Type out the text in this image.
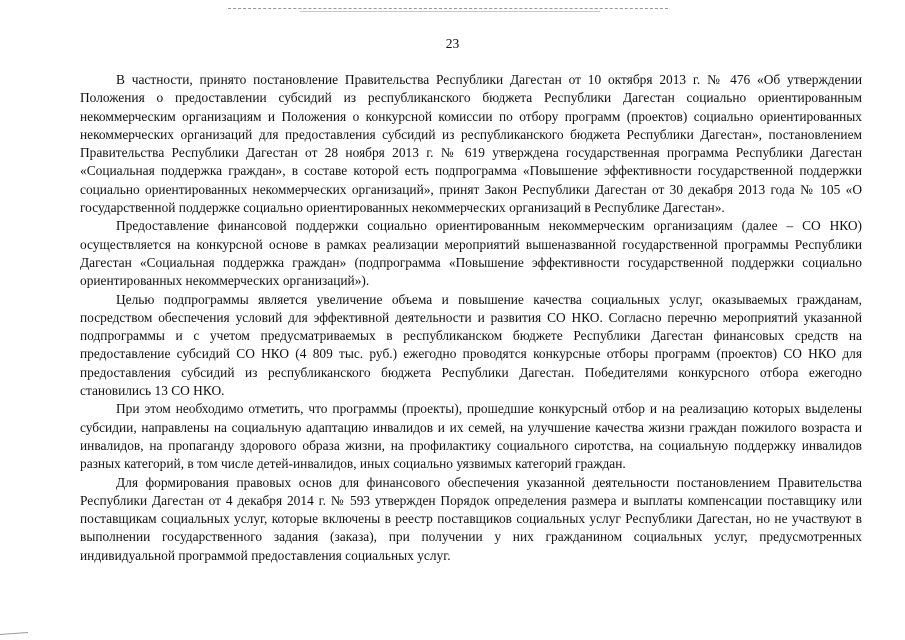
23

В частности, принято постановление Правительства Республики Дагестан от 10 октября 2013 г. № 476 «Об утверждении Положения о предоставлении субсидий из республиканского бюджета Республики Дагестан социально ориентированным некоммерческим организациям и Положения о конкурсной комиссии по отбору программ (проектов) социально ориентированных некоммерческих организаций для предоставления субсидий из республиканского бюджета Республики Дагестан», постановлением Правительства Республики Дагестан от 28 ноября 2013 г. № 619 утверждена государственная программа Республики Дагестан «Социальная поддержка граждан», в составе которой есть подпрограмма «Повышение эффективности государственной поддержки социально ориентированных некоммерческих организаций», принят Закон Республики Дагестан от 30 декабря 2013 года № 105 «О государственной поддержке социально ориентированных некоммерческих организаций в Республике Дагестан».

Предоставление финансовой поддержки социально ориентированным некоммерческим организациям (далее – СО НКО) осуществляется на конкурсной основе в рамках реализации мероприятий вышеназванной государственной программы Республики Дагестан «Социальная поддержка граждан» (подпрограмма «Повышение эффективности государственной поддержки социально ориентированных некоммерческих организаций»).

Целью подпрограммы является увеличение объема и повышение качества социальных услуг, оказываемых гражданам, посредством обеспечения условий для эффективной деятельности и развития СО НКО. Согласно перечню мероприятий указанной подпрограммы и с учетом предусматриваемых в республиканском бюджете Республики Дагестан финансовых средств на предоставление субсидий СО НКО (4 809 тыс. руб.) ежегодно проводятся конкурсные отборы программ (проектов) СО НКО для предоставления субсидий из республиканского бюджета Республики Дагестан. Победителями конкурсного отбора ежегодно становились 13 СО НКО.

При этом необходимо отметить, что программы (проекты), прошедшие конкурсный отбор и на реализацию которых выделены субсидии, направлены на социальную адаптацию инвалидов и их семей, на улучшение качества жизни граждан пожилого возраста и инвалидов, на пропаганду здорового образа жизни, на профилактику социального сиротства, на социальную поддержку инвалидов разных категорий, в том числе детей-инвалидов, иных социально уязвимых категорий граждан.

Для формирования правовых основ для финансового обеспечения указанной деятельности постановлением Правительства Республики Дагестан от 4 декабря 2014 г. № 593 утвержден Порядок определения размера и выплаты компенсации поставщику или поставщикам социальных услуг, которые включены в реестр поставщиков социальных услуг Республики Дагестан, но не участвуют в выполнении государственного задания (заказа), при получении у них гражданином социальных услуг, предусмотренных индивидуальной программой предоставления социальных услуг.
